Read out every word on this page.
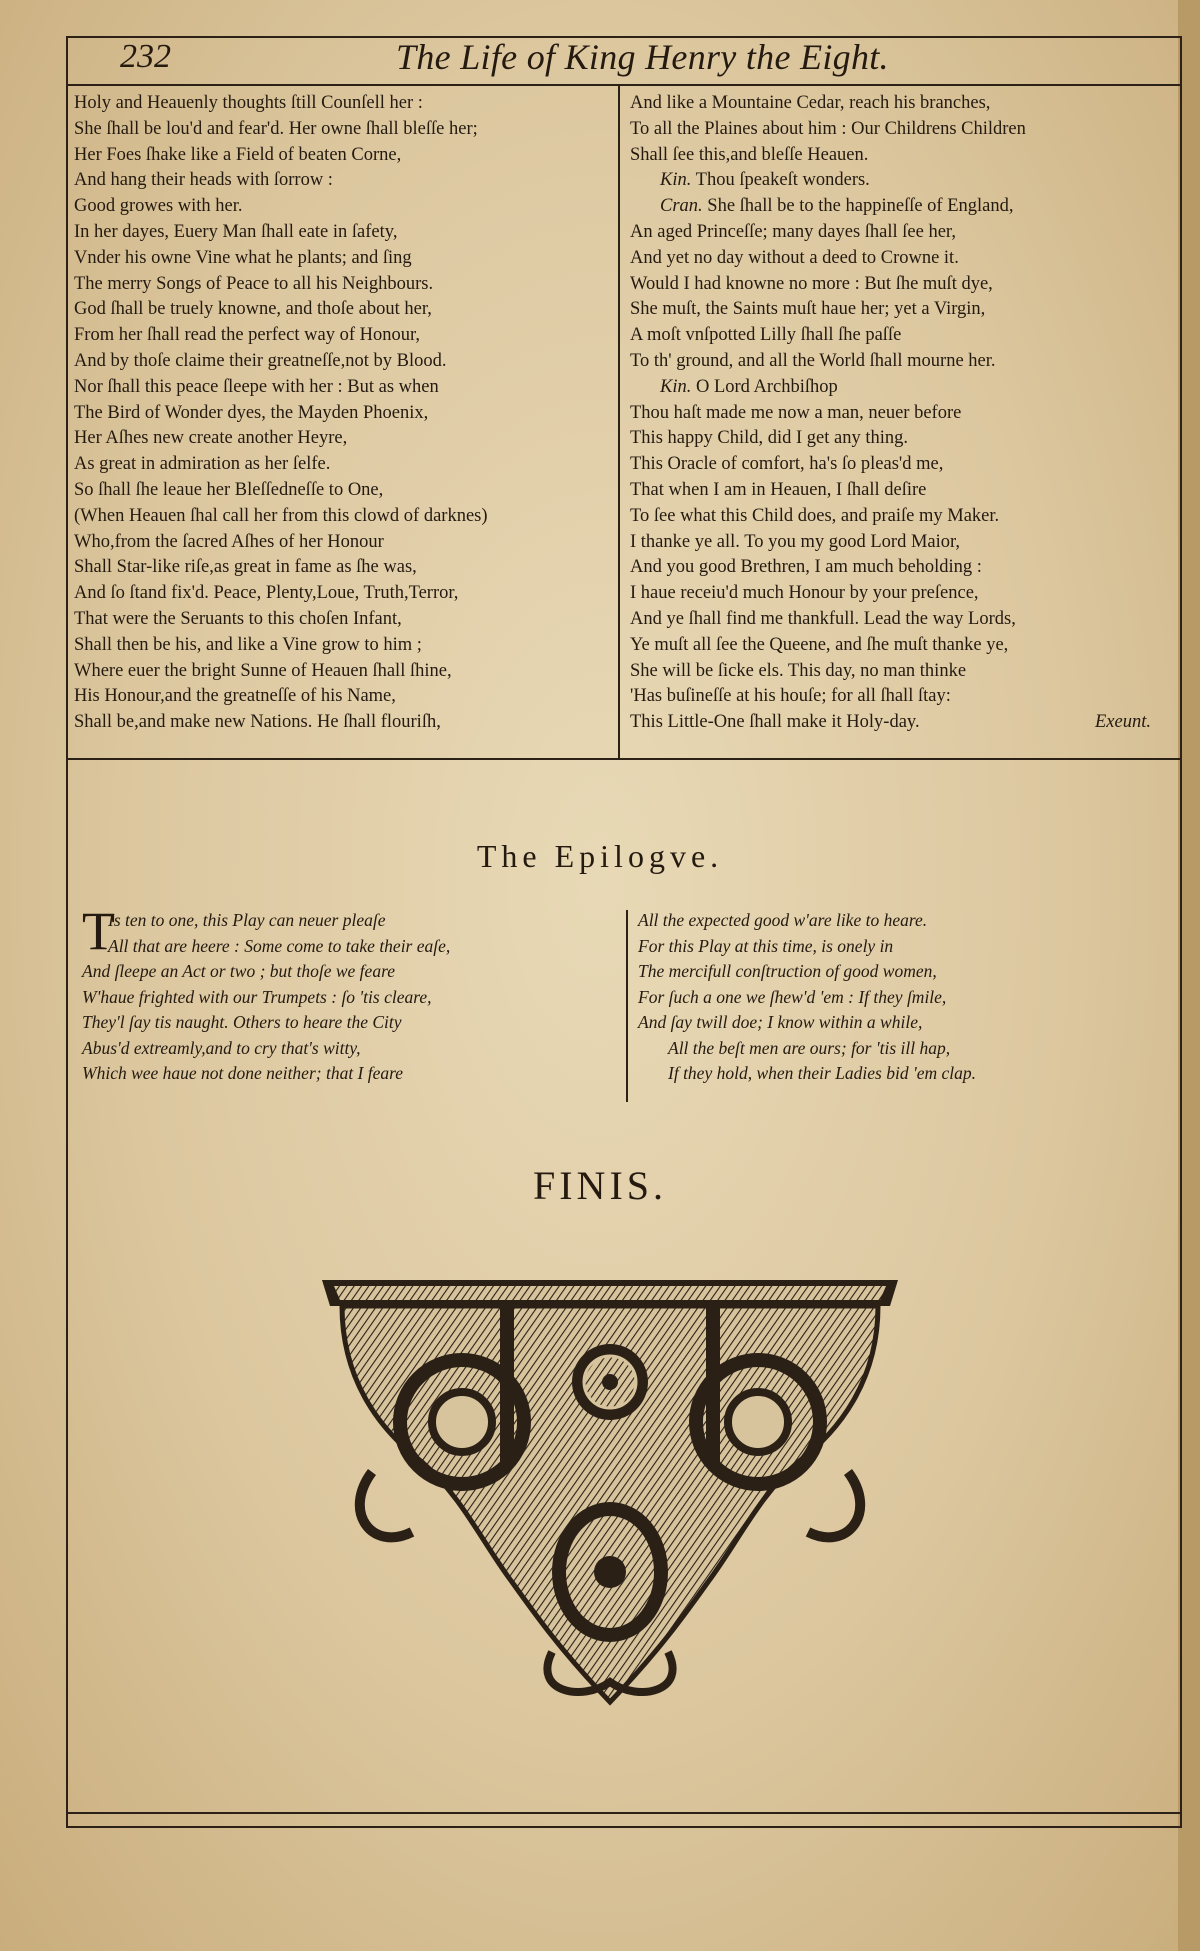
232	The Life of King Henry the Eight.
Holy and Heauenly thoughts ſtill Counſell her :
She ſhall be lou'd and fear'd. Her owne ſhall bleſſe her;
Her Foes ſhake like a Field of beaten Corne,
And hang their heads with ſorrow :
Good growes with her.
In her dayes, Euery Man ſhall eate in ſafety,
Vnder his owne Vine what he plants; and ſing
The merry Songs of Peace to all his Neighbours.
God ſhall be truely knowne, and thoſe about her,
From her ſhall read the perfect way of Honour,
And by thoſe claime their greatneſſe,not by Blood.
Nor ſhall this peace ſleepe with her : But as when
The Bird of Wonder dyes, the Mayden Phoenix,
Her Aſhes new create another Heyre,
As great in admiration as her ſelfe.
So ſhall ſhe leaue her Bleſſedneſſe to One,
(When Heauen ſhal call her from this clowd of darknes)
Who,from the ſacred Aſhes of her Honour
Shall Star-like riſe,as great in fame as ſhe was,
And ſo ſtand fix'd. Peace, Plenty,Loue, Truth,Terror,
That were the Seruants to this choſen Infant,
Shall then be his, and like a Vine grow to him ;
Where euer the bright Sunne of Heauen ſhall ſhine,
His Honour,and the greatneſſe of his Name,
Shall be,and make new Nations. He ſhall flouriſh,
And like a Mountaine Cedar, reach his branches,
To all the Plaines about him : Our Childrens Children
Shall ſee this,and bleſſe Heauen.
Kin. Thou ſpeakeſt wonders.
Cran. She ſhall be to the happineſſe of England,
An aged Princeſſe; many dayes ſhall ſee her,
And yet no day without a deed to Crowne it.
Would I had knowne no more : But ſhe muſt dye,
She muſt, the Saints muſt haue her; yet a Virgin,
A moſt vnſpotted Lilly ſhall ſhe paſſe
To th' ground, and all the World ſhall mourne her.
Kin. O Lord Archbiſhop
Thou haſt made me now a man, neuer before
This happy Child, did I get any thing.
This Oracle of comfort, ha's ſo pleas'd me,
That when I am in Heauen, I ſhall deſire
To ſee what this Child does, and praiſe my Maker.
I thanke ye all. To you my good Lord Maior,
And you good Brethren, I am much beholding :
I haue receiu'd much Honour by your preſence,
And ye ſhall find me thankfull. Lead the way Lords,
Ye muſt all ſee the Queene, and ſhe muſt thanke ye,
She will be ſicke els. This day, no man thinke
'Has buſineſſe at his houſe; for all ſhall ſtay:
This Little-One ſhall make it Holy-day.	Exeunt.
The Epilogve.
T
Is ten to one, this Play can neuer pleaſe
All that are heere : Some come to take their eaſe,
And ſleepe an Act or two ; but thoſe we feare
W'haue frighted with our Trumpets : ſo 'tis cleare,
They'l ſay tis naught. Others to heare the City
Abus'd extreamly,and to cry that's witty,
Which wee haue not done neither; that I feare
All the expected good w'are like to heare.
For this Play at this time, is onely in
The mercifull conſtruction of good women,
For ſuch a one we ſhew'd 'em : If they ſmile,
And ſay twill doe; I know within a while,
All the beſt men are ours; for 'tis ill hap,
If they hold, when their Ladies bid 'em clap.
FINIS.
